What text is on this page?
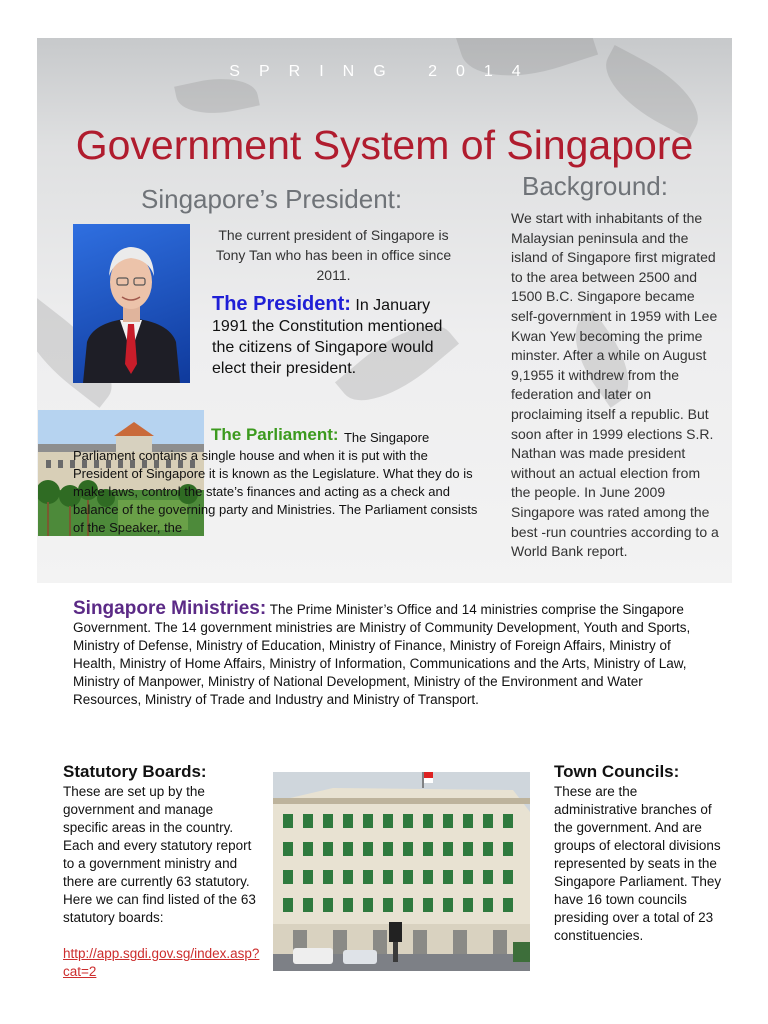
SPRING 2014
Government System of Singapore
Singapore’s President:	Background:

The current president of Singapore is Tony Tan who has been in office since 2011.

The President: In January 1991 the Constitution mentioned the citizens of Singapore would elect their president.

We start with inhabitants of the Malaysian peninsula and the island of Singapore first migrated to the area between 2500 and 1500 B.C. Singapore became self-government in 1959 with Lee Kwan Yew becoming the prime minster. After a while on August 9,1955 it withdrew from the federation and later on proclaiming itself a republic. But soon after in 1999 elections S.R. Nathan was made president without an actual election from the people. In June 2009 Singapore was rated among the best -run countries according to a World Bank report.

The Parliament: The Singapore Parliament contains a single house and when it is put with the President of Singapore it is known as the Legislature. What they do is make laws, control the state’s finances and acting as a check and balance of the governing party and Ministries. The Parliament consists of the Speaker, the

Singapore Ministries: The Prime Minister’s Office and 14 ministries comprise the Singapore Government. The 14 government ministries are Ministry of Community Development, Youth and Sports, Ministry of Defense, Ministry of Education, Ministry of Finance, Ministry of Foreign Affairs, Ministry of Health, Ministry of Home Affairs, Ministry of Information, Communications and the Arts, Ministry of Law, Ministry of Manpower, Ministry of National Development, Ministry of the Environment and Water Resources, Ministry of Trade and Industry and Ministry of Transport.

Statutory Boards:

These are set up by the government and manage specific areas in the country. Each and every statutory report to a government ministry and there are currently 63 statutory. Here we can find listed of the 63 statutory boards:

http://app.sgdi.gov.sg/index.asp?cat=2
Town Councils:

These are the administrative branches of the government. And are groups of electoral divisions represented by seats in the Singapore Parliament. They have 16 town councils presiding over a total of 23 constituencies.
